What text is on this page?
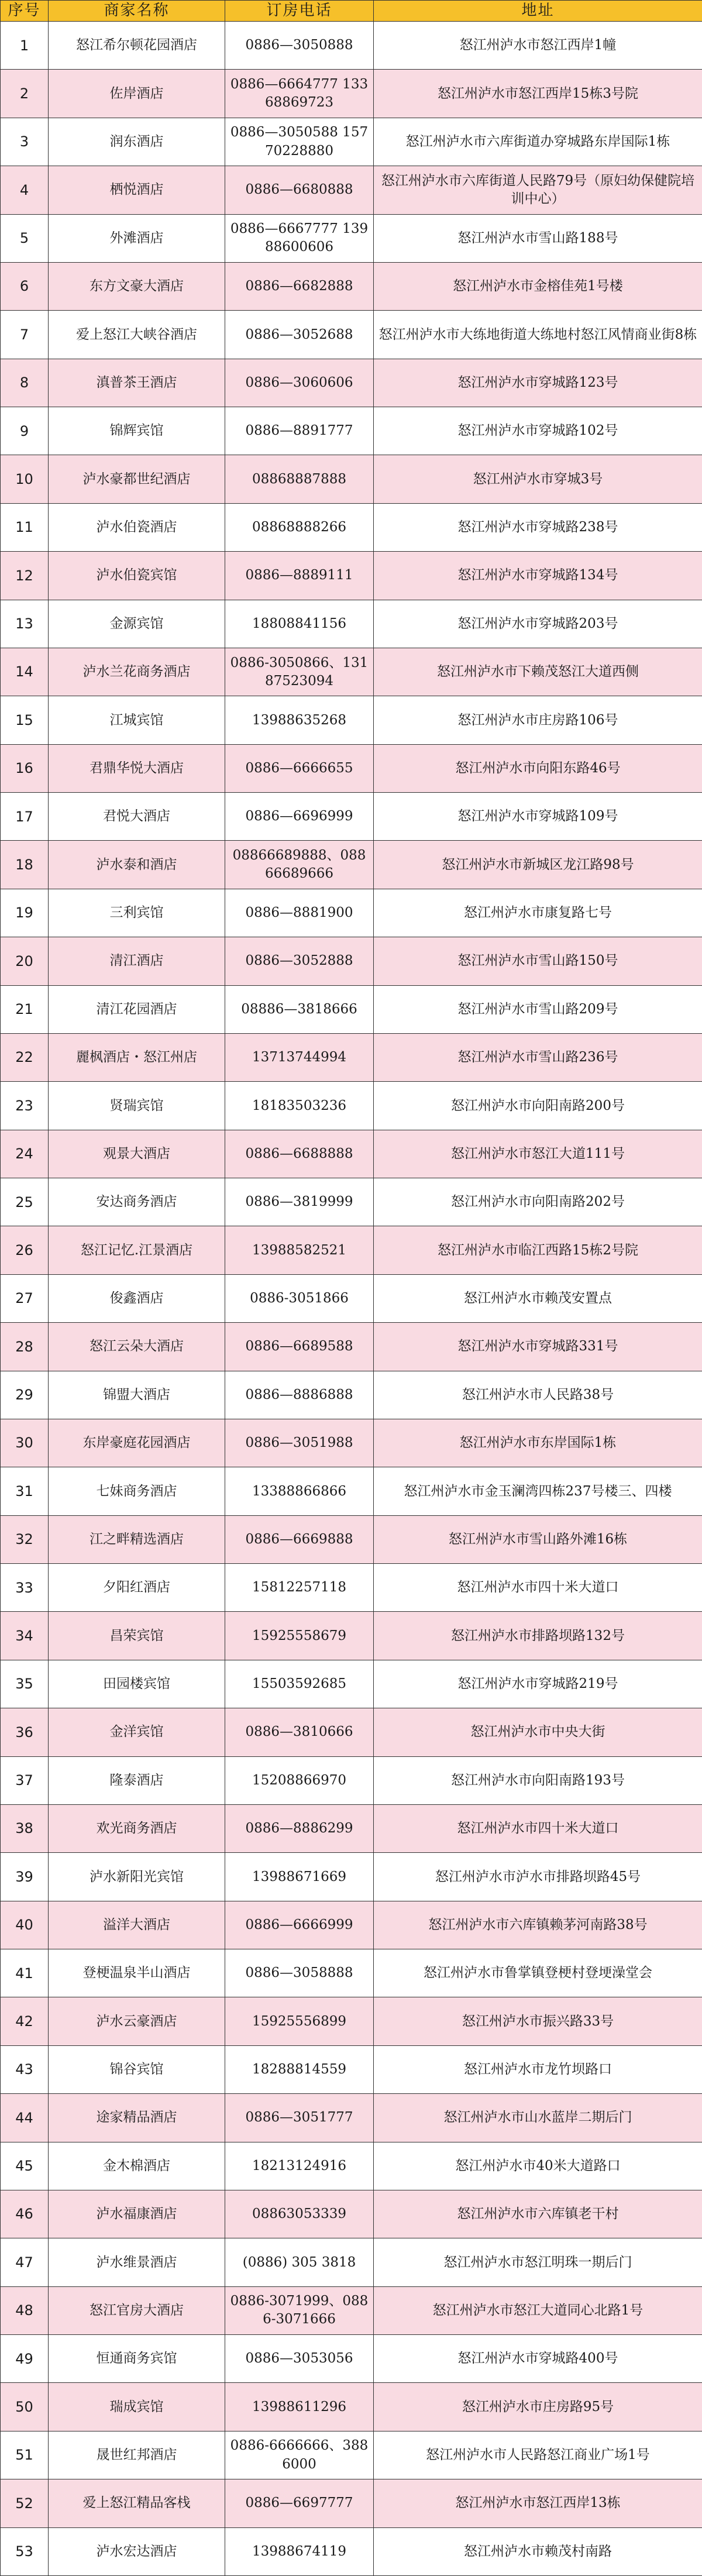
序号	商家名称	订房电话	地址
1	怒江希尔顿花园酒店	0886—3050888	怒江州泸水市怒江西岸1幢
2	佐岸酒店	0886—6664777 13368869723	怒江州泸水市怒江西岸15栋3号院
3	润东酒店	0886—3050588 15770228880	怒江州泸水市六库街道办穿城路东岸国际1栋
4	栖悦酒店	0886—6680888	怒江州泸水市六库街道人民路79号（原妇幼保健院培训中心）
5	外滩酒店	0886—6667777 13988600606	怒江州泸水市雪山路188号
6	东方文豪大酒店	0886—6682888	怒江州泸水市金榕佳苑1号楼
7	爱上怒江大峡谷酒店	0886—3052688	怒江州泸水市大练地街道大练地村怒江风情商业街8栋
8	滇普茶王酒店	0886—3060606	怒江州泸水市穿城路123号
9	锦辉宾馆	0886—8891777	怒江州泸水市穿城路102号
10	泸水豪都世纪酒店	08868887888	怒江州泸水市穿城3号
11	泸水伯瓷酒店	08868888266	怒江州泸水市穿城路238号
12	泸水伯瓷宾馆	0886—8889111	怒江州泸水市穿城路134号
13	金源宾馆	18808841156	怒江州泸水市穿城路203号
14	泸水兰花商务酒店	0886-3050866、13187523094	怒江州泸水市下赖茂怒江大道西侧
15	江城宾馆	13988635268	怒江州泸水市庄房路106号
16	君鼎华悦大酒店	0886—6666655	怒江州泸水市向阳东路46号
17	君悦大酒店	0886—6696999	怒江州泸水市穿城路109号
18	泸水泰和酒店	08866689888、08866689666	怒江州泸水市新城区龙江路98号
19	三利宾馆	0886—8881900	怒江州泸水市康复路七号
20	清江酒店	0886—3052888	怒江州泸水市雪山路150号
21	清江花园酒店	08886—3818666	怒江州泸水市雪山路209号
22	麗枫酒店・怒江州店	13713744994	怒江州泸水市雪山路236号
23	贤瑞宾馆	18183503236	怒江州泸水市向阳南路200号
24	观景大酒店	0886—6688888	怒江州泸水市怒江大道111号
25	安达商务酒店	0886—3819999	怒江州泸水市向阳南路202号
26	怒江记忆.江景酒店	13988582521	怒江州泸水市临江西路15栋2号院
27	俊鑫酒店	0886-3051866	怒江州泸水市赖茂安置点
28	怒江云朵大酒店	0886—6689588	怒江州泸水市穿城路331号
29	锦盟大酒店	0886—8886888	怒江州泸水市人民路38号
30	东岸豪庭花园酒店	0886—3051988	怒江州泸水市东岸国际1栋
31	七妹商务酒店	13388866866	怒江州泸水市金玉澜湾四栋237号楼三、四楼
32	江之畔精选酒店	0886—6669888	怒江州泸水市雪山路外滩16栋
33	夕阳红酒店	15812257118	怒江州泸水市四十米大道口
34	昌荣宾馆	15925558679	怒江州泸水市排路坝路132号
35	田园楼宾馆	15503592685	怒江州泸水市穿城路219号
36	金洋宾馆	0886—3810666	怒江州泸水市中央大街
37	隆泰酒店	15208866970	怒江州泸水市向阳南路193号
38	欢光商务酒店	0886—8886299	怒江州泸水市四十米大道口
39	泸水新阳光宾馆	13988671669	怒江州泸水市泸水市排路坝路45号
40	溢洋大酒店	0886—6666999	怒江州泸水市六库镇赖茅河南路38号
41	登梗温泉半山酒店	0886—3058888	怒江州泸水市鲁掌镇登梗村登埂澡堂会
42	泸水云豪酒店	15925556899	怒江州泸水市振兴路33号
43	锦谷宾馆	18288814559	怒江州泸水市龙竹坝路口
44	途家精品酒店	0886—3051777	怒江州泸水市山水蓝岸二期后门
45	金木棉酒店	18213124916	怒江州泸水市40米大道路口
46	泸水福康酒店	08863053339	怒江州泸水市六库镇老干村
47	泸水维景酒店	(0886) 305 3818	怒江州泸水市怒江明珠一期后门
48	怒江官房大酒店	0886-3071999、0886-3071666	怒江州泸水市怒江大道同心北路1号
49	恒通商务宾馆	0886—3053056	怒江州泸水市穿城路400号
50	瑞成宾馆	13988611296	怒江州泸水市庄房路95号
51	晟世红邦酒店	0886-6666666、3886000	怒江州泸水市人民路怒江商业广场1号
52	爱上怒江精品客栈	0886—6697777	怒江州泸水市怒江西岸13栋
53	泸水宏达酒店	13988674119	怒江州泸水市赖茂村南路
